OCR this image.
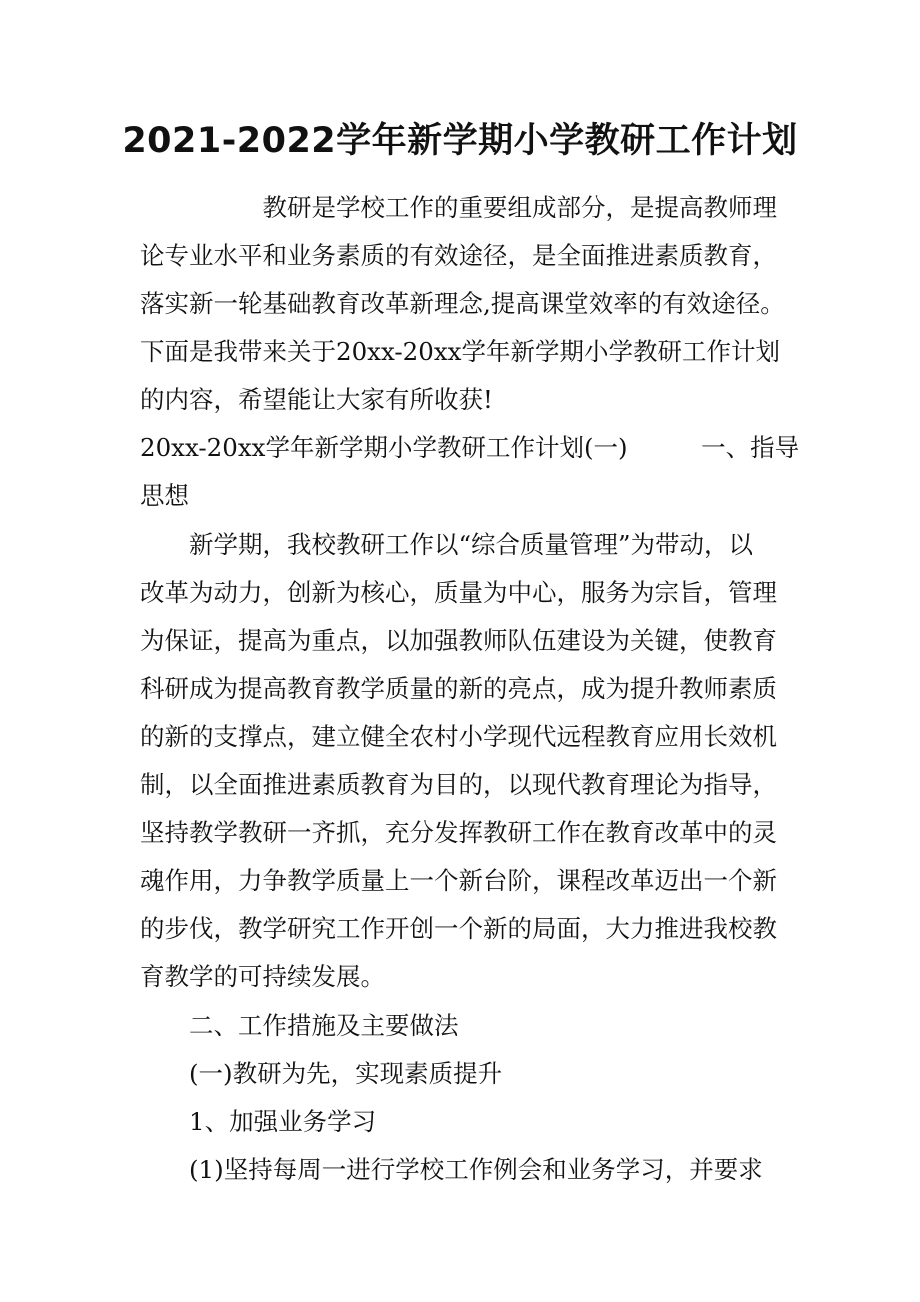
2021-2022学年新学期小学教研工作计划
　　　　　教研是学校工作的重要组成部分，是提高教师理
论专业水平和业务素质的有效途径，是全面推进素质教育，
落实新一轮基础教育改革新理念,提高课堂效率的有效途径。
下面是我带来关于20xx-20xx学年新学期小学教研工作计划
的内容，希望能让大家有所收获!
20xx-20xx学年新学期小学教研工作计划(一)　　　一、指导
思想
　　新学期，我校教研工作以“综合质量管理”为带动，以
改革为动力，创新为核心，质量为中心，服务为宗旨，管理
为保证，提高为重点，以加强教师队伍建设为关键，使教育
科研成为提高教育教学质量的新的亮点，成为提升教师素质
的新的支撑点，建立健全农村小学现代远程教育应用长效机
制，以全面推进素质教育为目的，以现代教育理论为指导，
坚持教学教研一齐抓，充分发挥教研工作在教育改革中的灵
魂作用，力争教学质量上一个新台阶，课程改革迈出一个新
的步伐，教学研究工作开创一个新的局面，大力推进我校教
育教学的可持续发展。
　　二、工作措施及主要做法
　　(一)教研为先，实现素质提升
　　1、加强业务学习
　　(1)坚持每周一进行学校工作例会和业务学习，并要求
